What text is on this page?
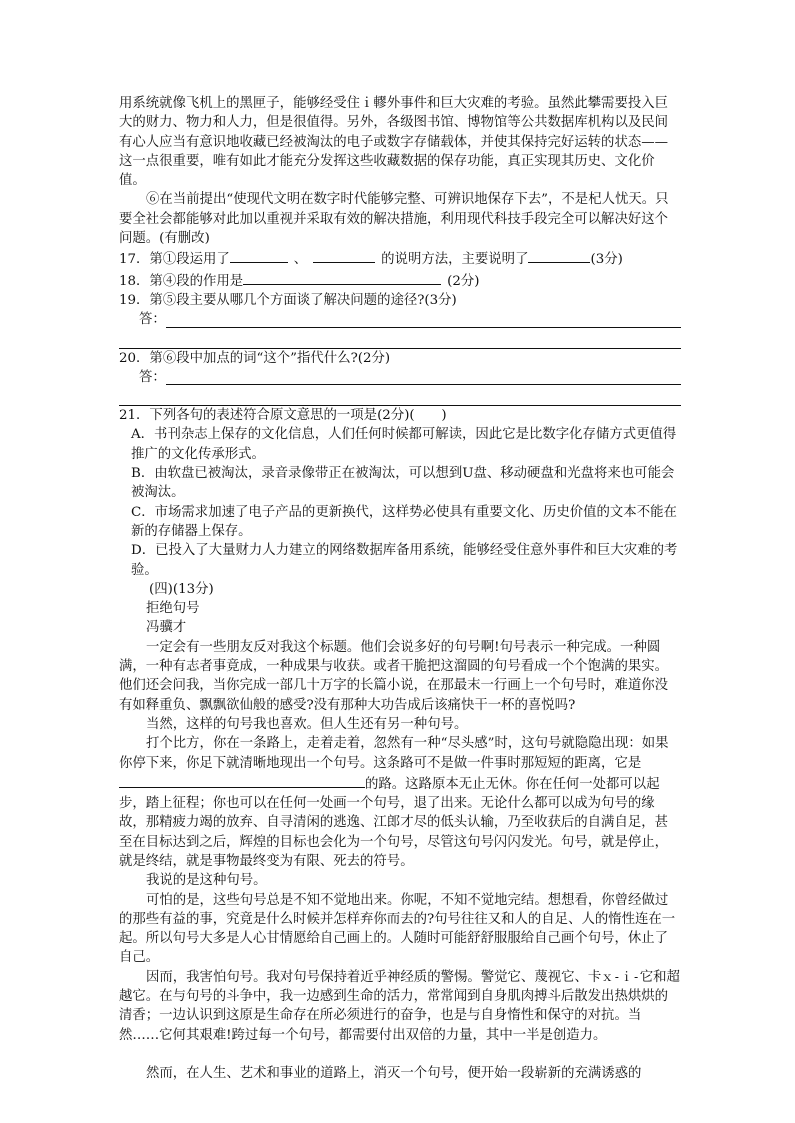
用系统就像飞机上的黑匣子，能够经受住ｉ轇外事件和巨大灾难的考验。虽然此攀需要投入巨大的财力、物力和人力，但是很值得。另外，各级图书馆、博物馆等公共数据库机构以及民间有心人应当有意识地收藏已经被淘汰的电子或数字存储载体，并使其保持完好运转的状态——这一点很重要，唯有如此才能充分发挥这些收藏数据的保存功能，真正实现其历史、文化价值。

⑥在当前提出“使现代文明在数字时代能够完整、可辨识地保存下去”，不是杞人忧天。只要全社会都能够对此加以重视并采取有效的解决措施，利用现代科技手段完全可以解决好这个问题。(有删改)

17．第①段运用了	、	的说明方法，主要说明了	(3分)
18．第④段的作用是	(2分)
19．第⑤段主要从哪几个方面谈了解决问题的途径?(3分)
答：
20．第⑥段中加点的词“这个”指代什么?(2分)
答：
21．下列各句的表述符合原文意思的一项是(2分)(　　)

A．书刊杂志上保存的文化信息，人们任何时候都可解读，因此它是比数字化存储方式更值得推广的文化传承形式。

B．由软盘已被淘汰，录音录像带正在被淘汰，可以想到U盘、移动硬盘和光盘将来也可能会被淘汰。

C．市场需求加速了电子产品的更新换代，这样势必使具有重要文化、历史价值的文本不能在新的存储器上保存。

D．已投入了大量财力人力建立的网络数据库备用系统，能够经受住意外事件和巨大灾难的考验。

(四)(13分)
拒绝句号
冯骥才

一定会有一些朋友反对我这个标题。他们会说多好的句号啊!句号表示一种完成。一种圆满，一种有志者事竟成，一种成果与收获。或者干脆把这溜圆的句号看成一个个饱满的果实。他们还会问我，当你完成一部几十万字的长篇小说，在那最末一行画上一个句号时，难道你没有如释重负、飘飘欲仙般的感受?没有那种大功告成后该痛快干一杯的喜悦吗?

当然，这样的句号我也喜欢。但人生还有另一种句号。

打个比方，你在一条路上，走着走着，忽然有一种“尽头感”时，这句号就隐隐出现：如果你停下来，你足下就清晰地现出一个句号。这条路可不是做一件事时那短短的距离，它是的路。这路原本无止无休。你在任何一处都可以起步，踏上征程；你也可以在任何一处画一个句号，退了出来。无论什么都可以成为句号的缘故，那精疲力竭的放弃、自寻清闲的逃逸、江郎才尽的低头认输，乃至收获后的自满自足，甚至在目标达到之后，辉煌的目标也会化为一个句号，尽管这句号闪闪发光。句号，就是停止，就是终结，就是事物最终变为有限、死去的符号。

我说的是这种句号。

可怕的是，这些句号总是不知不觉地出来。你呢，不知不觉地完结。想想看，你曾经做过的那些有益的事，究竟是什么时候并怎样弃你而去的?句号往往又和人的自足、人的惰性连在一起。所以句号大多是人心甘情愿给自己画上的。人随时可能舒舒服服给自己画个句号，休止了自己。

因而，我害怕句号。我对句号保持着近乎神经质的警惕。警觉它、蔑视它、卡ｘ-ｉ-它和超越它。在与句号的斗争中，我一边感到生命的活力，常常闻到自身肌肉搏斗后散发出热烘烘的清香；一边认识到这原是生命存在所必须进行的奋争，也是与自身惰性和保守的对抗。当然……它何其艰难!跨过每一个句号，都需要付出双倍的力量，其中一半是创造力。

然而，在人生、艺术和事业的道路上，消灭一个句号，便开始一段崭新的充满诱惑的
